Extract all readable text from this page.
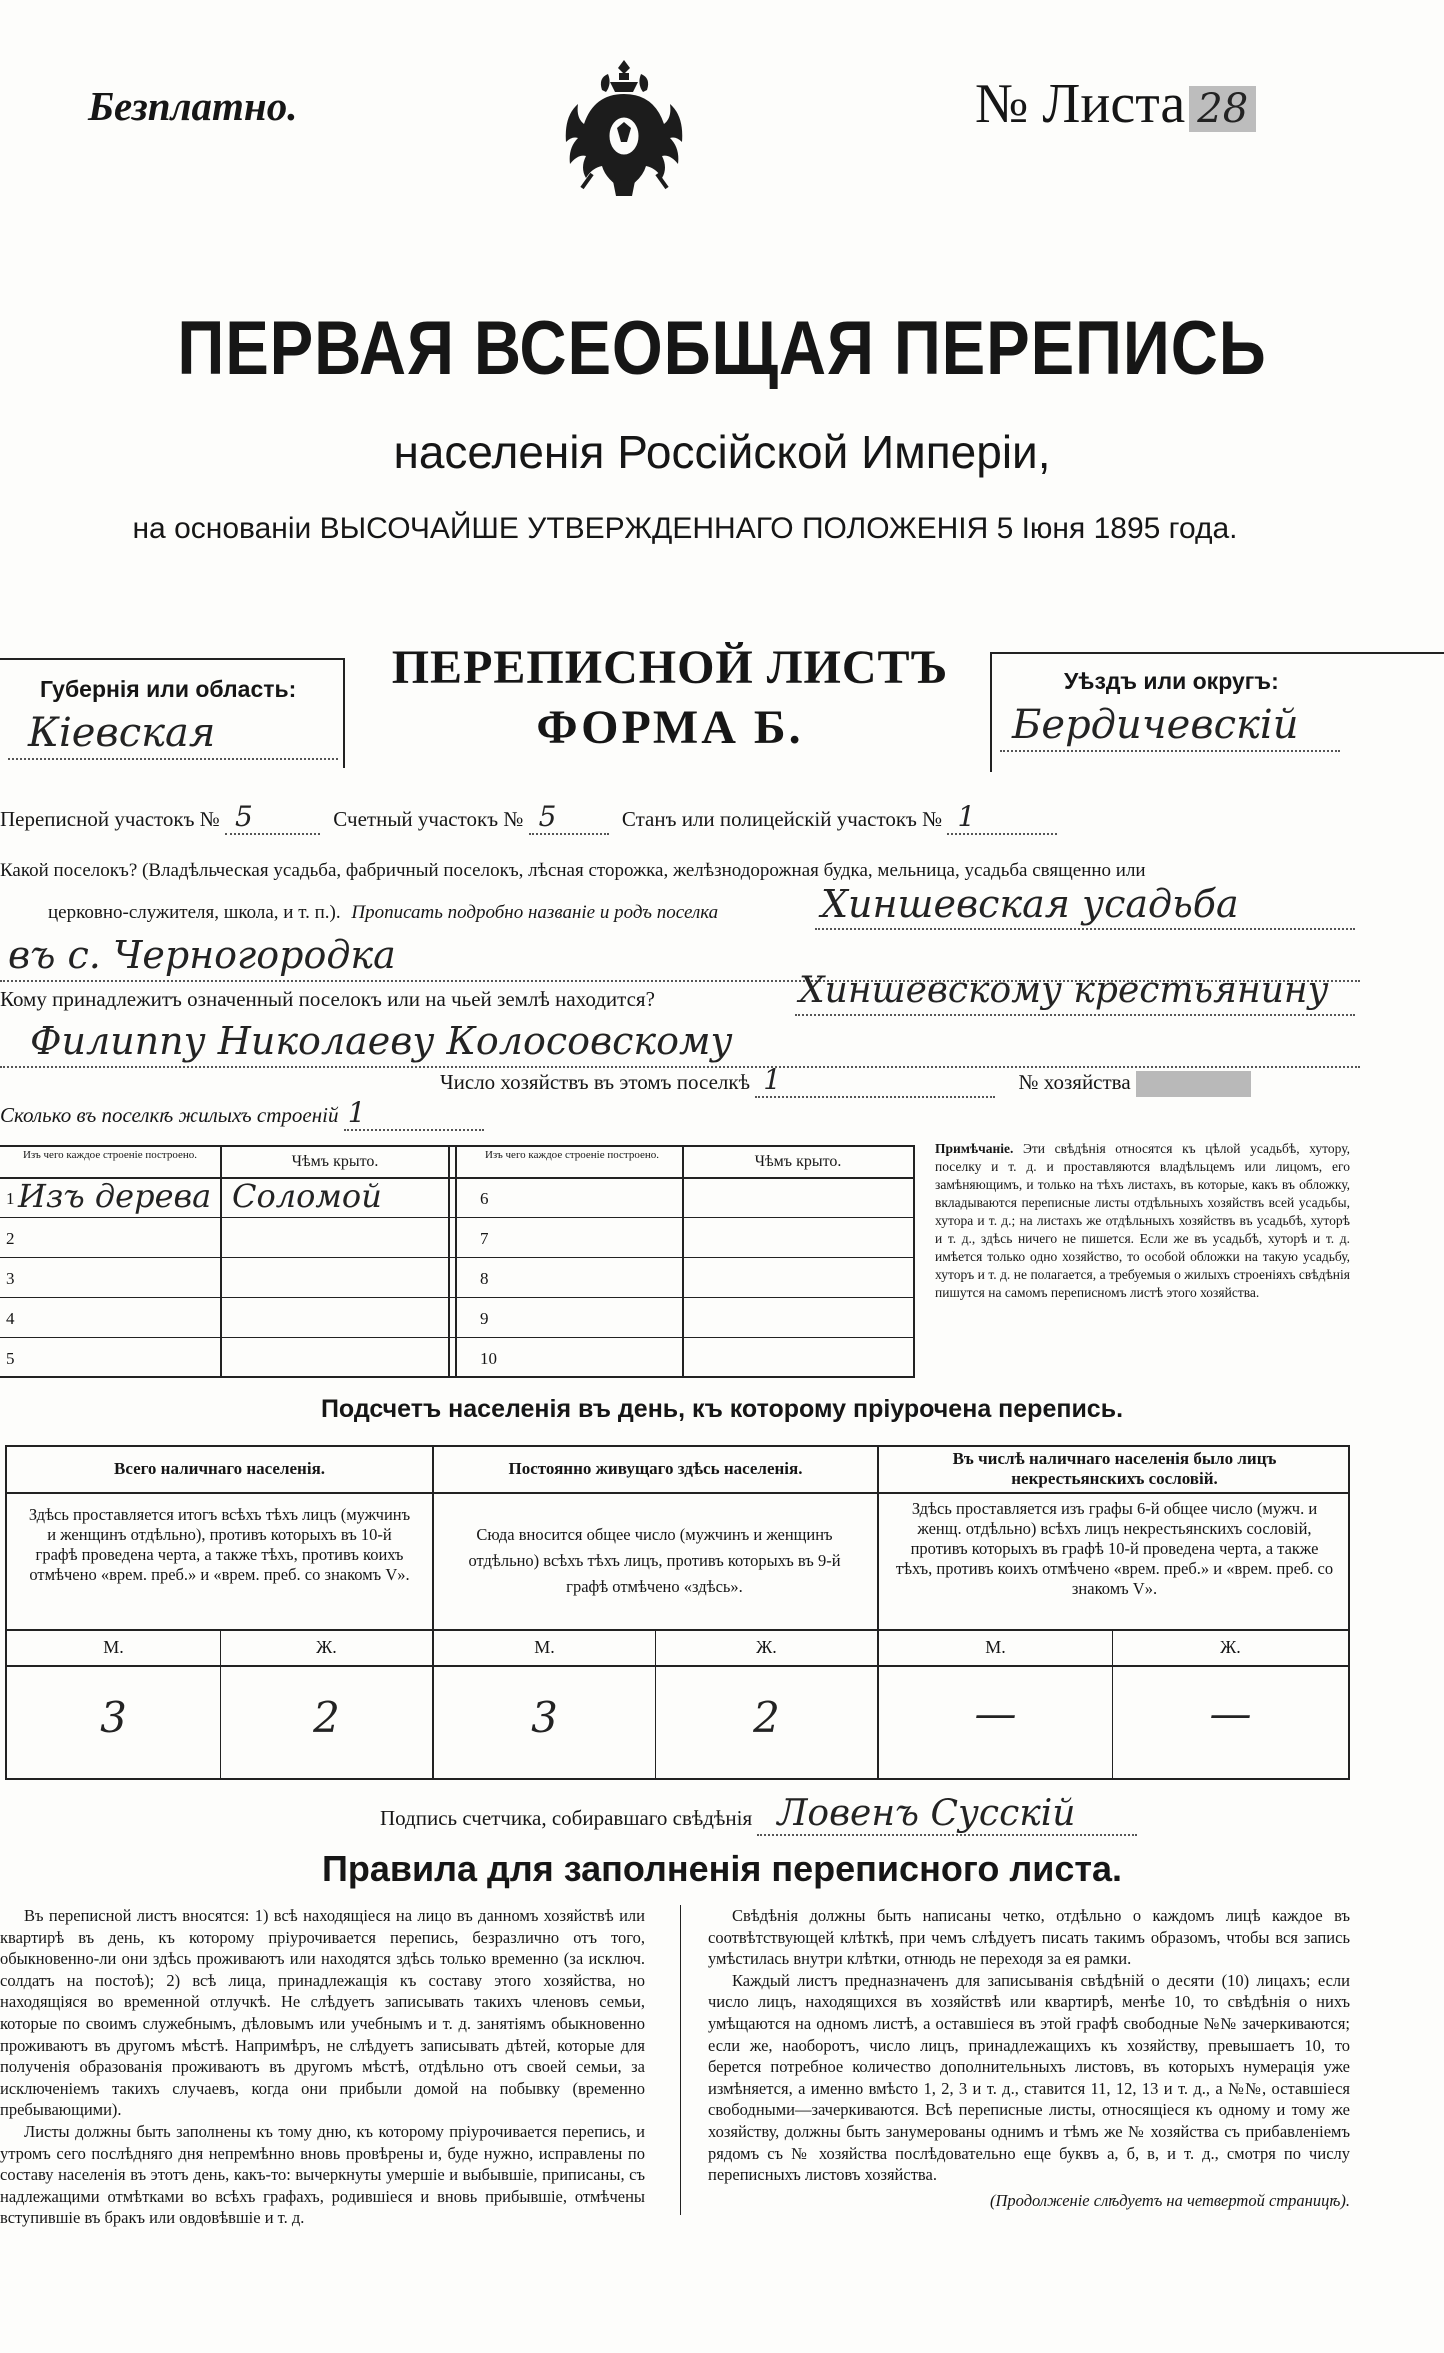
Безплатно.	№ Листа 28
ПЕРВАЯ ВСЕОБЩАЯ ПЕРЕПИСЬ
населенія Россійской Имперіи,
на основаніи ВЫСОЧАЙШЕ УТВЕРЖДЕННАГО ПОЛОЖЕНІЯ 5 Іюня 1895 года.
Губернія или область:
Кіевская
ПЕРЕПИСНОЙ ЛИСТЪ
ФОРМА Б.
Уѣздъ или округъ:
Бердичевскій
Переписной участокъ № 5	Счетный участокъ № 5	Станъ или полицейскій участокъ № 1
Какой поселокъ? (Владѣльческая усадьба, фабричный поселокъ, лѣсная сторожка, желѣзнодорожная будка, мельница, усадьба священно или
церковно-служителя, школа, и т. п.). Прописать подробно названіе и родъ поселка	Хиншевская усадьба
въ с. Черногородка
Кому принадлежитъ означенный поселокъ или на чьей землѣ находится?	Хиншевскому крестьянину
Филиппу Николаеву Колосовскому
Число хозяйствъ въ этомъ поселкѣ 1	№ хозяйства
Сколько въ поселкѣ жилыхъ строеній 1
Изъ чего каждое строеніе построено.	Чѣмъ крыто.	Изъ чего каждое строеніе построено.	Чѣмъ крыто.
1 Изъ дерева Соломой
2
3
4
5
6
7
8
9
10
Примѣчаніе. Эти свѣдѣнія относятся къ цѣлой усадьбѣ, хутору, поселку и т. д. и проставляются владѣльцемъ или лицомъ, его замѣняющимъ, и только на тѣхъ листахъ, въ которые, какъ въ обложку, вкладываются переписные листы отдѣльныхъ хозяйствъ всей усадьбы, хутора и т. д.; на листахъ же отдѣльныхъ хозяйствъ въ усадьбѣ, хуторѣ и т. д., здѣсь ничего не пишется. Если же въ усадьбѣ, хуторѣ и т. д. имѣется только одно хозяйство, то особой обложки на такую усадьбу, хуторъ и т. д. не полагается, а требуемыя о жилыхъ строеніяхъ свѣдѣнія пишутся на самомъ переписномъ листѣ этого хозяйства.
Подсчетъ населенія въ день, къ которому пріурочена перепись.
Всего наличнаго населенія.	Постоянно живущаго здѣсь населенія.
Въ числѣ наличнаго населенія было лицъ некрестьянскихъ сословій.
Здѣсь проставляется итогъ всѣхъ тѣхъ лицъ (мужчинъ и женщинъ отдѣльно), противъ которыхъ въ 10-й графѣ проведена черта, а также тѣхъ, противъ коихъ отмѣчено «врем. преб.» и «врем. преб. со знакомъ V».
Сюда вносится общее число (мужчинъ и женщинъ отдѣльно) всѣхъ тѣхъ лицъ, противъ которыхъ въ 9-й графѣ отмѣчено «здѣсь».
Здѣсь проставляется изъ графы 6-й общее число (мужч. и женщ. отдѣльно) всѣхъ лицъ некрестьянскихъ сословій, противъ которыхъ въ графѣ 10-й проведена черта, а также тѣхъ, противъ коихъ отмѣчено «врем. преб.» и «врем. преб. со знакомъ V».
М.	Ж.	М.	Ж.	М.	Ж.
3	2	3	2	—	—
Подпись счетчика, собиравшаго свѣдѣнія Ловенъ Сусскій
Правила для заполненія переписного листа.

Въ переписной листъ вносятся: 1) всѣ находящіеся на лицо въ данномъ хозяйствѣ или квартирѣ въ день, къ которому пріурочивается перепись, безразлично отъ того, обыкновенно-ли они здѣсь проживаютъ или находятся здѣсь только временно (за исключ. солдатъ на постоѣ); 2) всѣ лица, принадлежащія къ составу этого хозяйства, но находящіяся во временной отлучкѣ. Не слѣдуетъ записывать такихъ членовъ семьи, которые по своимъ служебнымъ, дѣловымъ или учебнымъ и т. д. занятіямъ обыкновенно проживаютъ въ другомъ мѣстѣ. Напримѣръ, не слѣдуетъ записывать дѣтей, которые для полученія образованія проживаютъ въ другомъ мѣстѣ, отдѣльно отъ своей семьи, за исключеніемъ такихъ случаевъ, когда они прибыли домой на побывку (временно пребывающими).

Листы должны быть заполнены къ тому дню, къ которому пріурочивается перепись, и утромъ сего послѣдняго дня непремѣнно вновь провѣрены и, буде нужно, исправлены по составу населенія въ этотъ день, какъ-то: вычеркнуты умершіе и выбывшіе, приписаны, съ надлежащими отмѣтками во всѣхъ графахъ, родившіеся и вновь прибывшіе, отмѣчены вступившіе въ бракъ или овдовѣвшіе и т. д.

Свѣдѣнія должны быть написаны четко, отдѣльно о каждомъ лицѣ каждое въ соотвѣтствующей клѣткѣ, при чемъ слѣдуетъ писать такимъ образомъ, чтобы вся запись умѣстилась внутри клѣтки, отнюдь не переходя за ея рамки.

Каждый листъ предназначенъ для записыванія свѣдѣній о десяти (10) лицахъ; если число лицъ, находящихся въ хозяйствѣ или квартирѣ, менѣе 10, то свѣдѣнія о нихъ умѣщаются на одномъ листѣ, а оставшіеся въ этой графѣ свободные №№ зачеркиваются; если же, наоборотъ, число лицъ, принадлежащихъ къ хозяйству, превышаетъ 10, то берется потребное количество дополнительныхъ листовъ, въ которыхъ нумерація уже измѣняется, а именно вмѣсто 1, 2, 3 и т. д., ставится 11, 12, 13 и т. д., а №№, оставшіеся свободными—зачеркиваются. Всѣ переписные листы, относящіеся къ одному и тому же хозяйству, должны быть занумерованы однимъ и тѣмъ же № хозяйства съ прибавленіемъ рядомъ съ № хозяйства послѣдовательно еще буквъ а, б, в, и т. д., смотря по числу переписныхъ листовъ хозяйства.

(Продолженіе слѣдуетъ на четвертой страницѣ).
